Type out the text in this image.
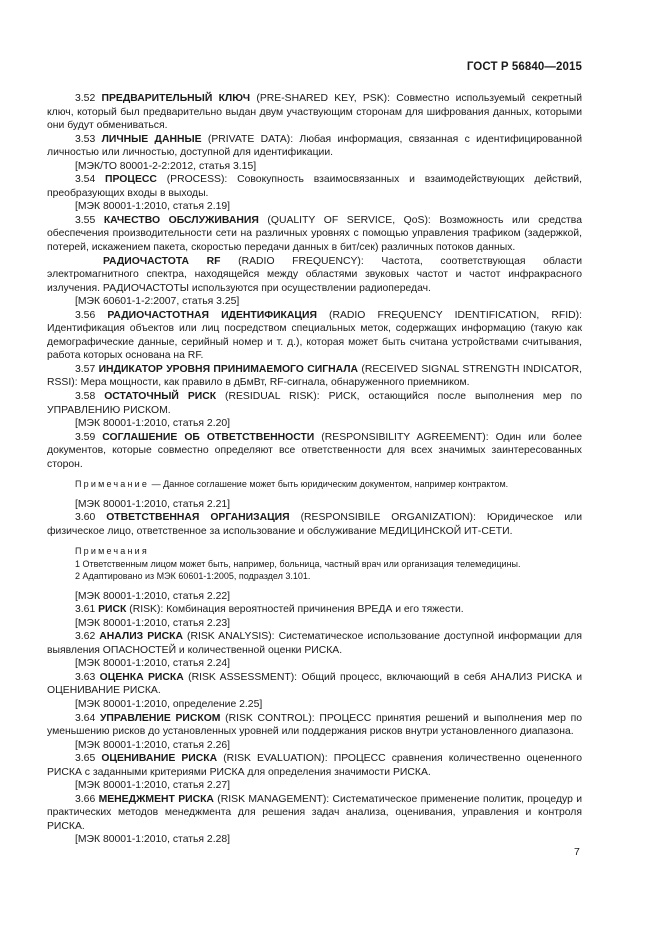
ГОСТ Р 56840—2015

3.52 ПРЕДВАРИТЕЛЬНЫЙ КЛЮЧ (PRE-SHARED KEY, PSK): Совместно используемый секретный ключ, который был предварительно выдан двум участвующим сторонам для шифрования данных, которыми они будут обмениваться.

3.53 ЛИЧНЫЕ ДАННЫЕ (PRIVATE DATA): Любая информация, связанная с идентифицированной личностью или личностью, доступной для идентификации.

[МЭК/ТО 80001-2-2:2012, статья 3.15]

3.54 ПРОЦЕСС (PROCESS): Совокупность взаимосвязанных и взаимодействующих действий, преобразующих входы в выходы.

[МЭК 80001-1:2010, статья 2.19]

3.55 КАЧЕСТВО ОБСЛУЖИВАНИЯ (QUALITY OF SERVICE, QoS): Возможность или средства обеспечения производительности сети на различных уровнях с помощью управления трафиком (задержкой, потерей, искажением пакета, скоростью передачи данных в бит/сек) различных потоков данных.

РАДИОЧАСТОТА RF (RADIO FREQUENCY): Частота, соответствующая области электромагнитного спектра, находящейся между областями звуковых частот и частот инфракрасного излучения. РАДИОЧАСТОТЫ используются при осуществлении радиопередач.

[МЭК 60601-1-2:2007, статья 3.25]

3.56 РАДИОЧАСТОТНАЯ ИДЕНТИФИКАЦИЯ (RADIO FREQUENCY IDENTIFICATION, RFID): Идентификация объектов или лиц посредством специальных меток, содержащих информацию (такую как демографические данные, серийный номер и т. д.), которая может быть считана устройствами считывания, работа которых основана на RF.

3.57 ИНДИКАТОР УРОВНЯ ПРИНИМАЕМОГО СИГНАЛА (RECEIVED SIGNAL STRENGTH INDICATOR, RSSI): Мера мощности, как правило в дБмВт, RF-сигнала, обнаруженного приемником.

3.58 ОСТАТОЧНЫЙ РИСК (RESIDUAL RISK): РИСК, остающийся после выполнения мер по УПРАВЛЕНИЮ РИСКОМ.

[МЭК 80001-1:2010, статья 2.20]

3.59 СОГЛАШЕНИЕ ОБ ОТВЕТСТВЕННОСТИ (RESPONSIBILITY AGREEMENT): Один или более документов, которые совместно определяют все ответственности для всех значимых заинтересованных сторон.

Примечание — Данное соглашение может быть юридическим документом, например контрактом.

[МЭК 80001-1:2010, статья 2.21]

3.60 ОТВЕТСТВЕННАЯ ОРГАНИЗАЦИЯ (RESPONSIBILE ORGANIZATION): Юридическое или физическое лицо, ответственное за использование и обслуживание МЕДИЦИНСКОЙ ИТ-СЕТИ.

Примечания

1 Ответственным лицом может быть, например, больница, частный врач или организация телемедицины.

2 Адаптировано из МЭК 60601-1:2005, подраздел 3.101.

[МЭК 80001-1:2010, статья 2.22]

3.61 РИСК (RISK): Комбинация вероятностей причинения ВРЕДА и его тяжести.

[МЭК 80001-1:2010, статья 2.23]

3.62 АНАЛИЗ РИСКА (RISK ANALYSIS): Систематическое использование доступной информации для выявления ОПАСНОСТЕЙ и количественной оценки РИСКА.

[МЭК 80001-1:2010, статья 2.24]

3.63 ОЦЕНКА РИСКА (RISK ASSESSMENT): Общий процесс, включающий в себя АНАЛИЗ РИСКА и ОЦЕНИВАНИЕ РИСКА.

[МЭК 80001-1:2010, определение 2.25]

3.64 УПРАВЛЕНИЕ РИСКОМ (RISK CONTROL): ПРОЦЕСС принятия решений и выполнения мер по уменьшению рисков до установленных уровней или поддержания рисков внутри установленного диапазона.

[МЭК 80001-1:2010, статья 2.26]

3.65 ОЦЕНИВАНИЕ РИСКА (RISK EVALUATION): ПРОЦЕСС сравнения количественно оцененного РИСКА с заданными критериями РИСКА для определения значимости РИСКА.

[МЭК 80001-1:2010, статья 2.27]

3.66 МЕНЕДЖМЕНТ РИСКА (RISK MANAGEMENT): Систематическое применение политик, процедур и практических методов менеджмента для решения задач анализа, оценивания, управления и контроля РИСКА.

[МЭК 80001-1:2010, статья 2.28]

7
